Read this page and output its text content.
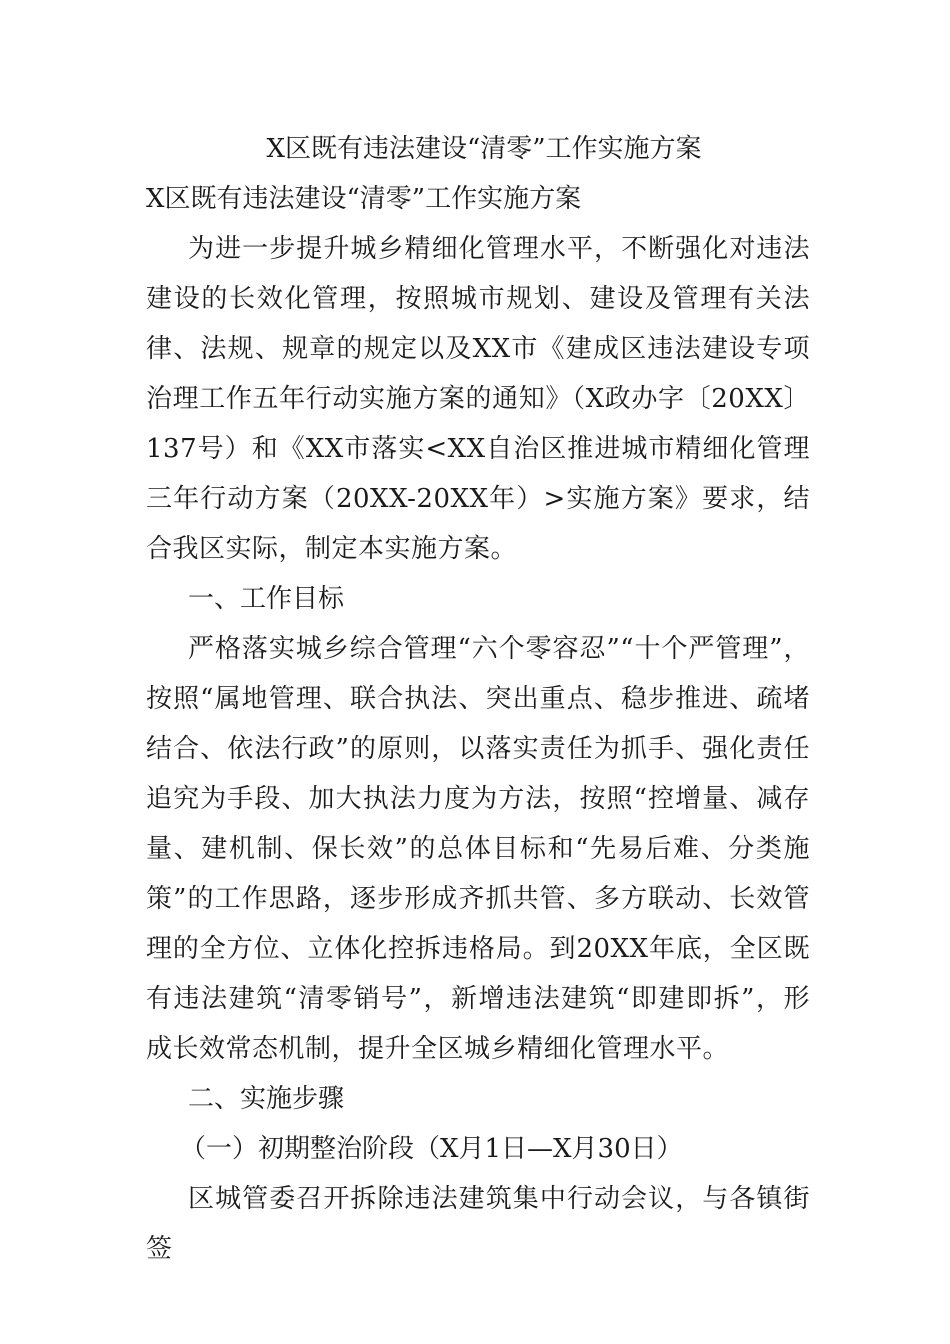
X区既有违法建设“清零”工作实施方案

X区既有违法建设“清零”工作实施方案

为进一步提升城乡精细化管理水平，不断强化对违法建设的长效化管理，按照城市规划、建设及管理有关法律、法规、规章的规定以及XX市《建成区违法建设专项治理工作五年行动实施方案的通知》（X政办字〔20XX〕137号）和《XX市落实<XX自治区推进城市精细化管理三年行动方案（20XX-20XX年）>实施方案》要求，结合我区实际，制定本实施方案。

一、工作目标

严格落实城乡综合管理“六个零容忍”“十个严管理”，按照“属地管理、联合执法、突出重点、稳步推进、疏堵结合、依法行政”的原则，以落实责任为抓手、强化责任追究为手段、加大执法力度为方法，按照“控增量、减存量、建机制、保长效”的总体目标和“先易后难、分类施策”的工作思路，逐步形成齐抓共管、多方联动、长效管理的全方位、立体化控拆违格局。到20XX年底，全区既有违法建筑“清零销号”，新增违法建筑“即建即拆”，形成长效常态机制，提升全区城乡精细化管理水平。

二、实施步骤

（一）初期整治阶段（X月1日—X月30日）

区城管委召开拆除违法建筑集中行动会议，与各镇街签
